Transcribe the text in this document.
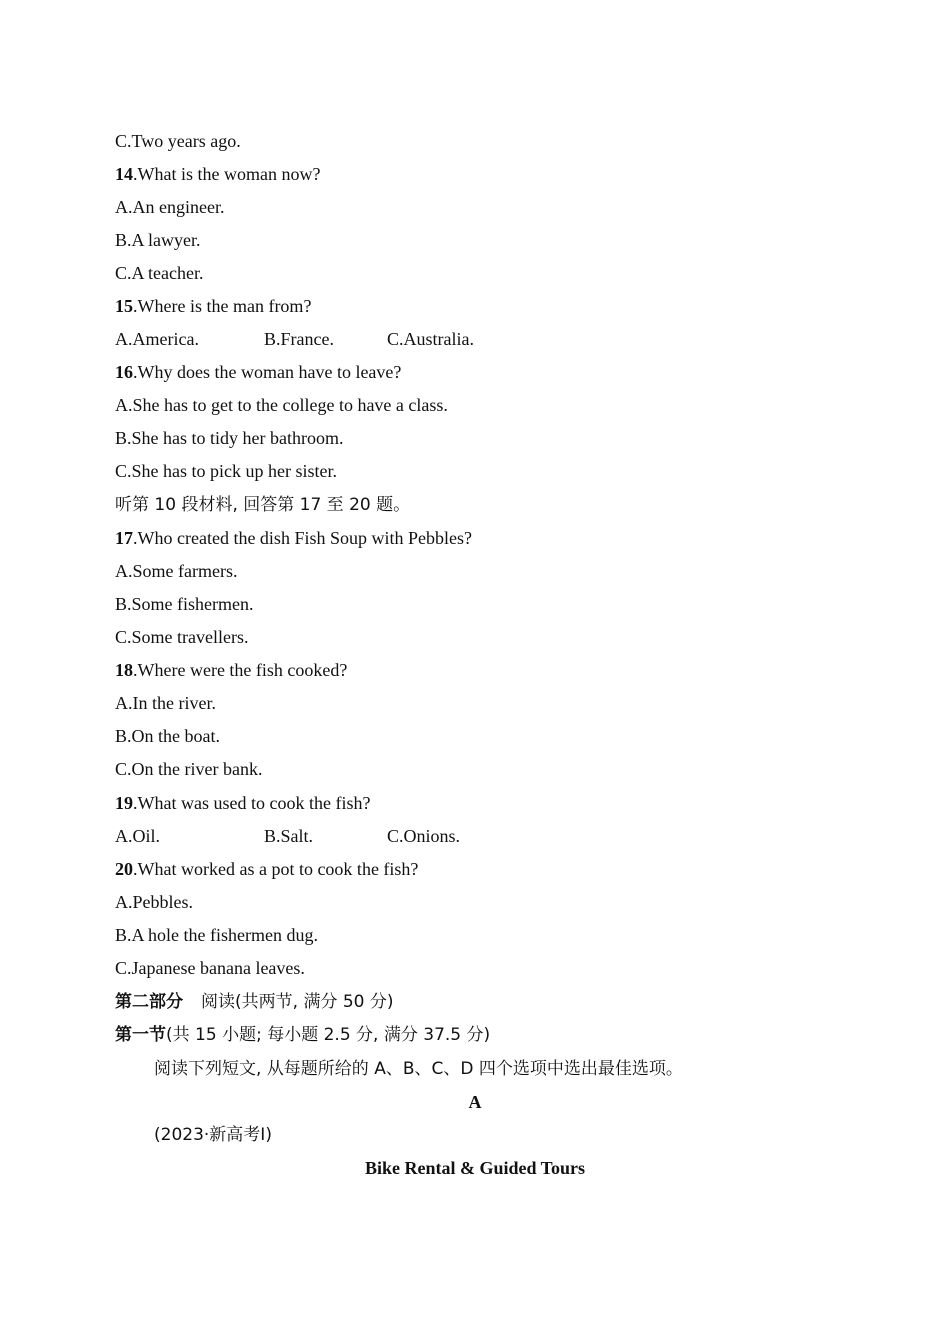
C.Two years ago.
14.What is the woman now?
A.An engineer.
B.A lawyer.
C.A teacher.
15.Where is the man from?
A.America.	B.France.	C.Australia.
16.Why does the woman have to leave?
A.She has to get to the college to have a class.
B.She has to tidy her bathroom.
C.She has to pick up her sister.
听第 10 段材料, 回答第 17 至 20 题。
17.Who created the dish Fish Soup with Pebbles?
A.Some farmers.
B.Some fishermen.
C.Some travellers.
18.Where were the fish cooked?
A.In the river.
B.On the boat.
C.On the river bank.
19.What was used to cook the fish?
A.Oil.	B.Salt.	C.Onions.
20.What worked as a pot to cook the fish?
A.Pebbles.
B.A hole the fishermen dug.
C.Japanese banana leaves.
第二部分 阅读(共两节, 满分 50 分)
第一节(共 15 小题; 每小题 2.5 分, 满分 37.5 分)
阅读下列短文, 从每题所给的 A、B、C、D 四个选项中选出最佳选项。
A
(2023·新高考Ⅰ)
Bike Rental & Guided Tours
